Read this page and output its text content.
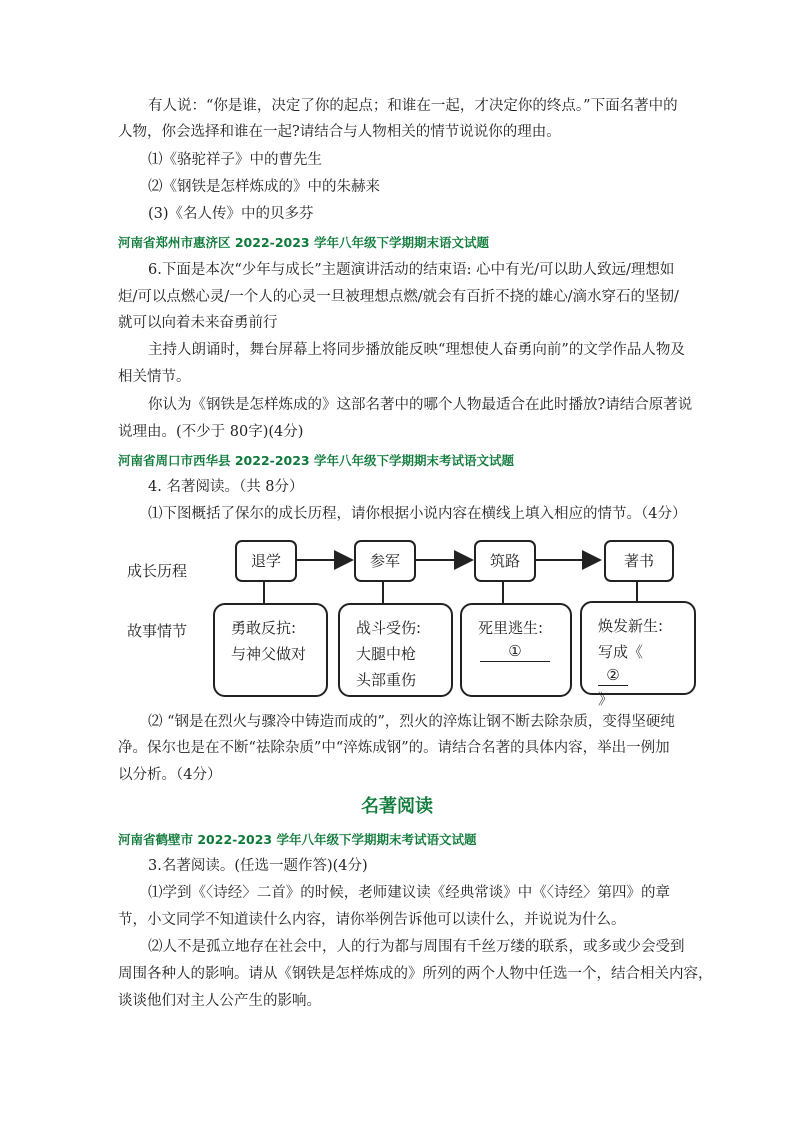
有人说：“你是谁，决定了你的起点；和谁在一起，才决定你的终点。”下面名著中的
人物，你会选择和谁在一起?请结合与人物相关的情节说说你的理由。
⑴《骆驼祥子》中的曹先生
⑵《钢铁是怎样炼成的》中的朱赫来
(3)《名人传》中的贝多芬
河南省郑州市惠济区 2022-2023 学年八年级下学期期末语文试题
6.下面是本次“少年与成长”主题演讲活动的结束语: 心中有光/可以助人致远/理想如
炬/可以点燃心灵/一个人的心灵一旦被理想点燃/就会有百折不挠的雄心/滴水穿石的坚韧/
就可以向着未来奋勇前行
主持人朗诵时，舞台屏幕上将同步播放能反映“理想使人奋勇向前”的文学作品人物及
相关情节。
你认为《钢铁是怎样炼成的》这部名著中的哪个人物最适合在此时播放?请结合原著说
说理由。(不少于 80字)(4分)
河南省周口市西华县 2022-2023 学年八年级下学期期末考试语文试题
4. 名著阅读。（共 8分）
⑴下图概括了保尔的成长历程，请你根据小说内容在横线上填入相应的情节。（4分）
成长历程
故事情节
退学	参军	筑路	著书
勇敢反抗:
与神父做对
战斗受伤:
大腿中枪
头部重伤
死里逃生:
①
焕发新生:
写成《
②
》
⑵ “钢是在烈火与骤冷中铸造而成的”，烈火的淬炼让钢不断去除杂质，变得坚硬纯
净。保尔也是在不断“祛除杂质”中“淬炼成钢”的。请结合名著的具体内容，举出一例加
以分析。（4分）
名著阅读
河南省鹤壁市 2022-2023 学年八年级下学期期末考试语文试题
3.名著阅读。(任选一题作答)(4分)
⑴学到《〈诗经〉二首》的时候，老师建议读《经典常谈》中《〈诗经〉第四》的章
节，小文同学不知道读什么内容，请你举例告诉他可以读什么，并说说为什么。
⑵人不是孤立地存在社会中，人的行为都与周围有千丝万缕的联系，或多或少会受到
周围各种人的影响。请从《钢铁是怎样炼成的》所列的两个人物中任选一个，结合相关内容，
谈谈他们对主人公产生的影响。
